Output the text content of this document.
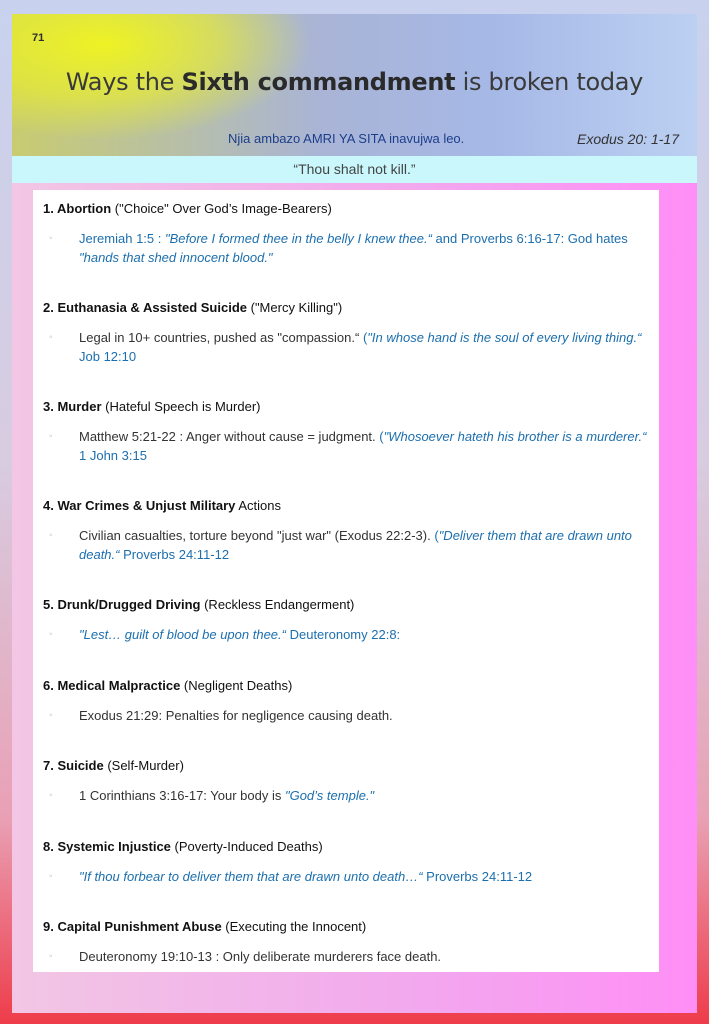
71
Ways the Sixth commandment is broken today
Njia ambazo AMRI YA SITA inavujwa leo.	Exodus 20: 1-17
“Thou shalt not kill.”
1. Abortion ("Choice" Over God’s Image-Bearers)
◦ Jeremiah 1:5 : "Before I formed thee in the belly I knew thee.“ and Proverbs 6:16-17: God hates "hands that shed innocent blood."
2. Euthanasia & Assisted Suicide ("Mercy Killing")
◦ Legal in 10+ countries, pushed as "compassion.“ ("In whose hand is the soul of every living thing.“ Job 12:10
3. Murder (Hateful Speech is Murder)
◦ Matthew 5:21-22 : Anger without cause = judgment. ("Whosoever hateth his brother is a murderer.“ 1 John 3:15
4. War Crimes & Unjust Military Actions
◦ Civilian casualties, torture beyond "just war" (Exodus 22:2-3). ("Deliver them that are drawn unto death.“ Proverbs 24:11-12
5. Drunk/Drugged Driving (Reckless Endangerment)
◦ "Lest… guilt of blood be upon thee.“ Deuteronomy 22:8:
6. Medical Malpractice (Negligent Deaths)
◦ Exodus 21:29: Penalties for negligence causing death.
7. Suicide (Self-Murder)
◦ 1 Corinthians 3:16-17: Your body is "God’s temple."
8. Systemic Injustice (Poverty-Induced Deaths)
◦ "If thou forbear to deliver them that are drawn unto death…“ Proverbs 24:11-12
9. Capital Punishment Abuse (Executing the Innocent)
◦ Deuteronomy 19:10-13 : Only deliberate murderers face death.
